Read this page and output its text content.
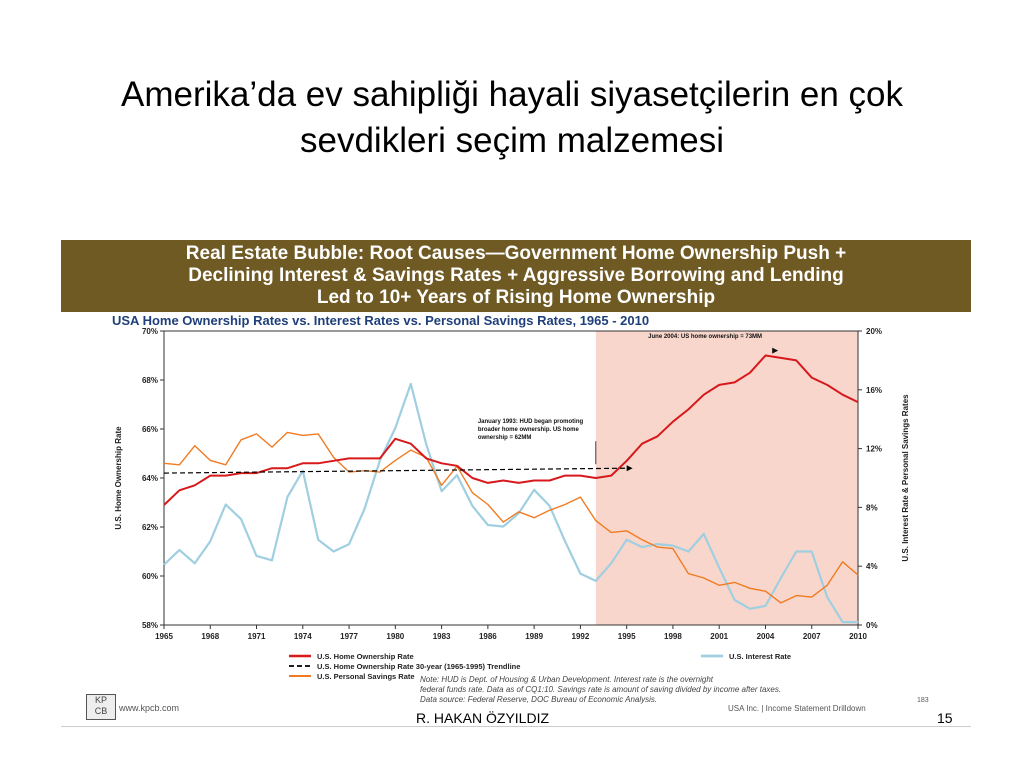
Amerika’da ev sahipliği hayali siyasetçilerin en çok
sevdikleri seçim malzemesi
Real Estate Bubble: Root Causes—Government Home Ownership Push +
Declining Interest & Savings Rates + Aggressive Borrowing and Lending
Led to 10+ Years of Rising Home Ownership
70%
68%
66%
64%
62%
60%
58%
20%
16%
12%
8%
4%
0%
1965	1968	1971	1974	1977	1980	1983	1986	1989	1992	1995	1998	2001	2004	2007	2010
U.S. Home Ownership Rate	U.S. Interest Rate & Personal Savings Rates
January 1993: HUD began promoting
broader home ownership. US home
ownership = 62MM
June 2004: US home ownership = 73MM
U.S. Home Ownership Rate	U.S. Interest Rate
U.S. Home Ownership Rate 30-year (1965-1995) Trendline
U.S. Personal Savings Rate
USA Home Ownership Rates vs. Interest Rates vs. Personal Savings Rates, 1965 - 2010
KP
CB	www.kpcb.com
Note: HUD is Dept. of Housing & Urban Development. Interest rate is the overnight
federal funds rate. Data as of CQ1:10. Savings rate is amount of saving divided by income after taxes.
Data source: Federal Reserve, DOC Bureau of Economic Analysis.
USA Inc. | Income Statement Drilldown
183
R. HAKAN ÖZYILDIZ	15
